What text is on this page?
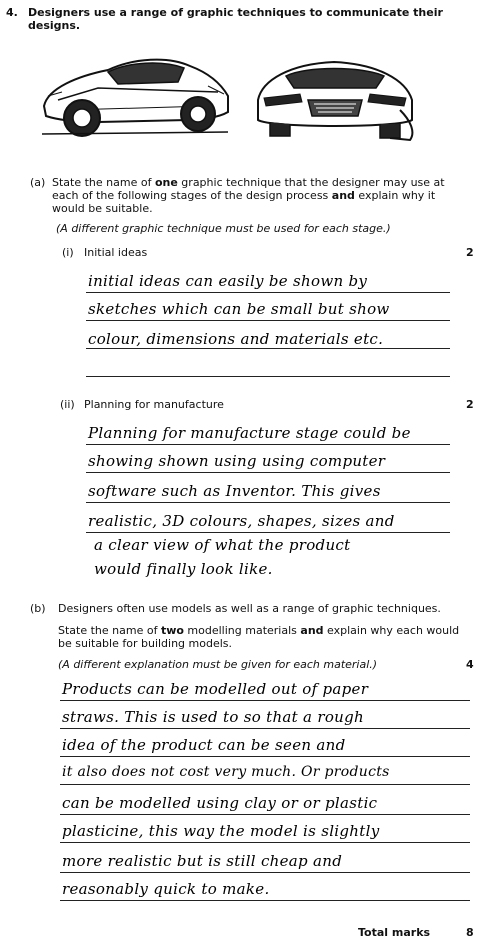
4. Designers use a range of graphic techniques to communicate their designs.
(a) State the name of one graphic technique that the designer may use at
each of the following stages of the design process and explain why it
would be suitable.
(A different graphic technique must be used for each stage.)
(i) Initial ideas	2
initial ideas can easily be shown by
sketches which can be small but show
colour, dimensions and materials etc.
(ii) Planning for manufacture	2
Planning for manufacture stage could be
showing shown using using computer
software such as Inventor. This gives
realistic, 3D colours, shapes, sizes and
a clear view of what the product
would finally look like.
(b) Designers often use models as well as a range of graphic techniques.
State the name of two modelling materials and explain why each would
be suitable for building models.
(A different explanation must be given for each material.)	4
Products can be modelled out of paper
straws. This is used to so that a rough
idea of the product can be seen and
it also does not cost very much. Or products
can be modelled using clay or or plastic
plasticine, this way the model is slightly
more realistic but is still cheap and
reasonably quick to make.
Total marks	8
